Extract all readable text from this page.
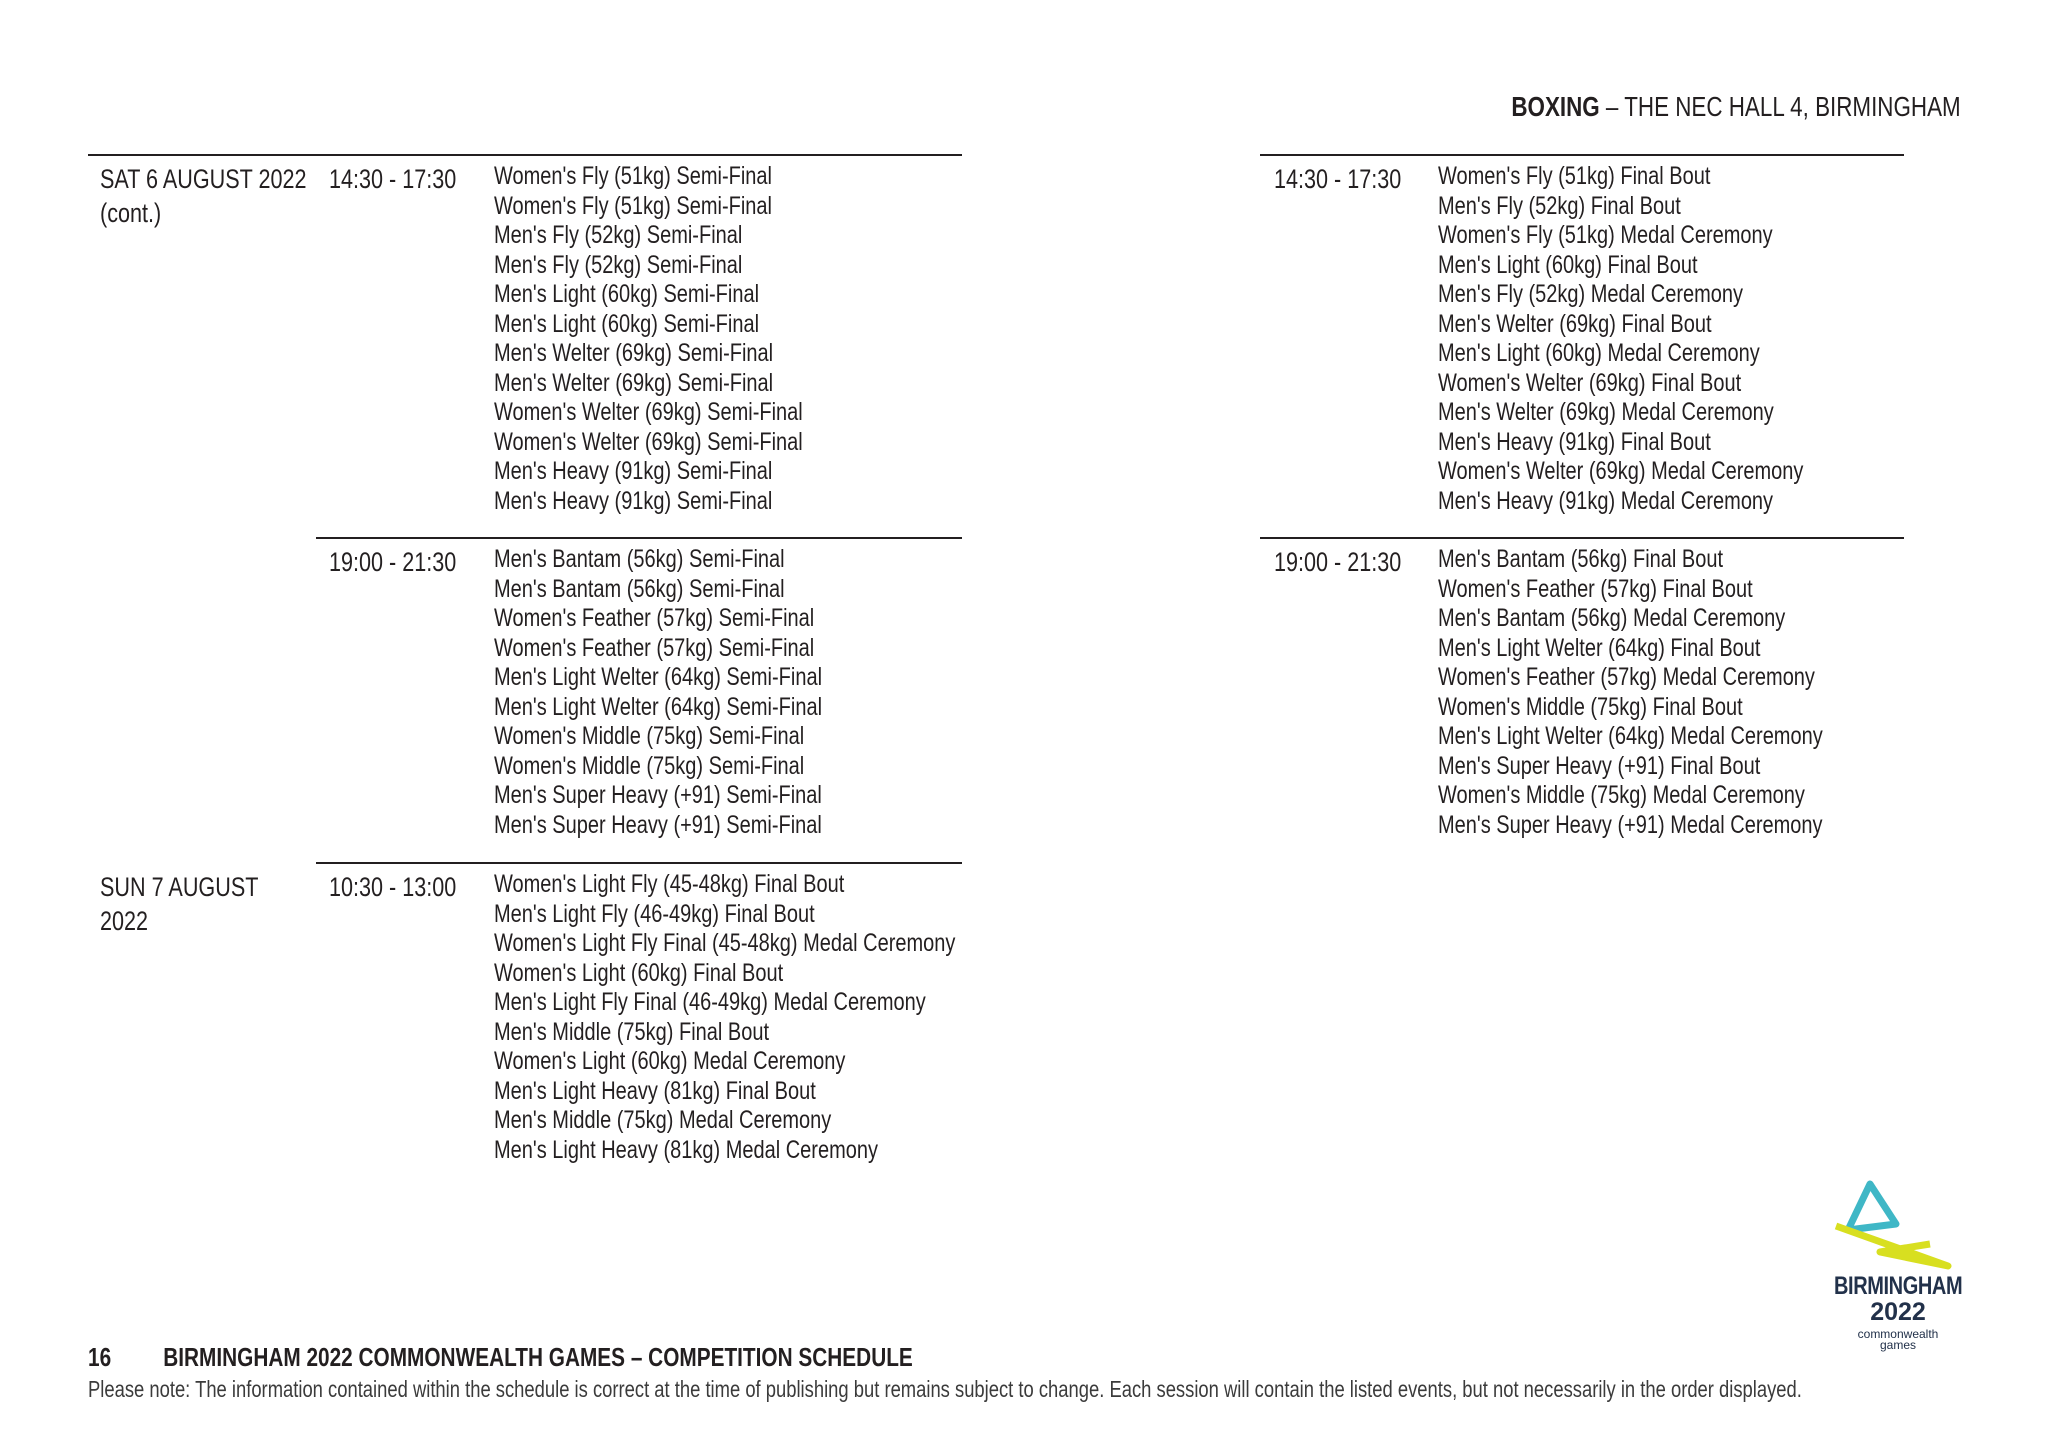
BOXING – THE NEC HALL 4, BIRMINGHAM
SAT 6 AUGUST 2022
(cont.)
14:30 - 17:30 Women's Fly (51kg) Semi-Final
Women's Fly (51kg) Semi-Final
Men's Fly (52kg) Semi-Final
Men's Fly (52kg) Semi-Final
Men's Light (60kg) Semi-Final
Men's Light (60kg) Semi-Final
Men's Welter (69kg) Semi-Final
Men's Welter (69kg) Semi-Final
Women's Welter (69kg) Semi-Final
Women's Welter (69kg) Semi-Final
Men's Heavy (91kg) Semi-Final
Men's Heavy (91kg) Semi-Final
19:00 - 21:30 Men's Bantam (56kg) Semi-Final
Men's Bantam (56kg) Semi-Final
Women's Feather (57kg) Semi-Final
Women's Feather (57kg) Semi-Final
Men's Light Welter (64kg) Semi-Final
Men's Light Welter (64kg) Semi-Final
Women's Middle (75kg) Semi-Final
Women's Middle (75kg) Semi-Final
Men's Super Heavy (+91) Semi-Final
Men's Super Heavy (+91) Semi-Final
SUN 7 AUGUST
2022
10:30 - 13:00 Women's Light Fly (45-48kg) Final Bout
Men's Light Fly (46-49kg) Final Bout
Women's Light Fly Final (45-48kg) Medal Ceremony
Women's Light (60kg) Final Bout
Men's Light Fly Final (46-49kg) Medal Ceremony
Men's Middle (75kg) Final Bout
Women's Light (60kg) Medal Ceremony
Men's Light Heavy (81kg) Final Bout
Men's Middle (75kg) Medal Ceremony
Men's Light Heavy (81kg) Medal Ceremony
14:30 - 17:30 Women's Fly (51kg) Final Bout
Men's Fly (52kg) Final Bout
Women's Fly (51kg) Medal Ceremony
Men's Light (60kg) Final Bout
Men's Fly (52kg) Medal Ceremony
Men's Welter (69kg) Final Bout
Men's Light (60kg) Medal Ceremony
Women's Welter (69kg) Final Bout
Men's Welter (69kg) Medal Ceremony
Men's Heavy (91kg) Final Bout
Women's Welter (69kg) Medal Ceremony
Men's Heavy (91kg) Medal Ceremony
19:00 - 21:30 Men's Bantam (56kg) Final Bout
Women's Feather (57kg) Final Bout
Men's Bantam (56kg) Medal Ceremony
Men's Light Welter (64kg) Final Bout
Women's Feather (57kg) Medal Ceremony
Women's Middle (75kg) Final Bout
Men's Light Welter (64kg) Medal Ceremony
Men's Super Heavy (+91) Final Bout
Women's Middle (75kg) Medal Ceremony
Men's Super Heavy (+91) Medal Ceremony
BIRMINGHAM
2022
commonwealth
games
16 BIRMINGHAM 2022 COMMONWEALTH GAMES – COMPETITION SCHEDULE
Please note: The information contained within the schedule is correct at the time of publishing but remains subject to change. Each session will contain the listed events, but not necessarily in the order displayed.
